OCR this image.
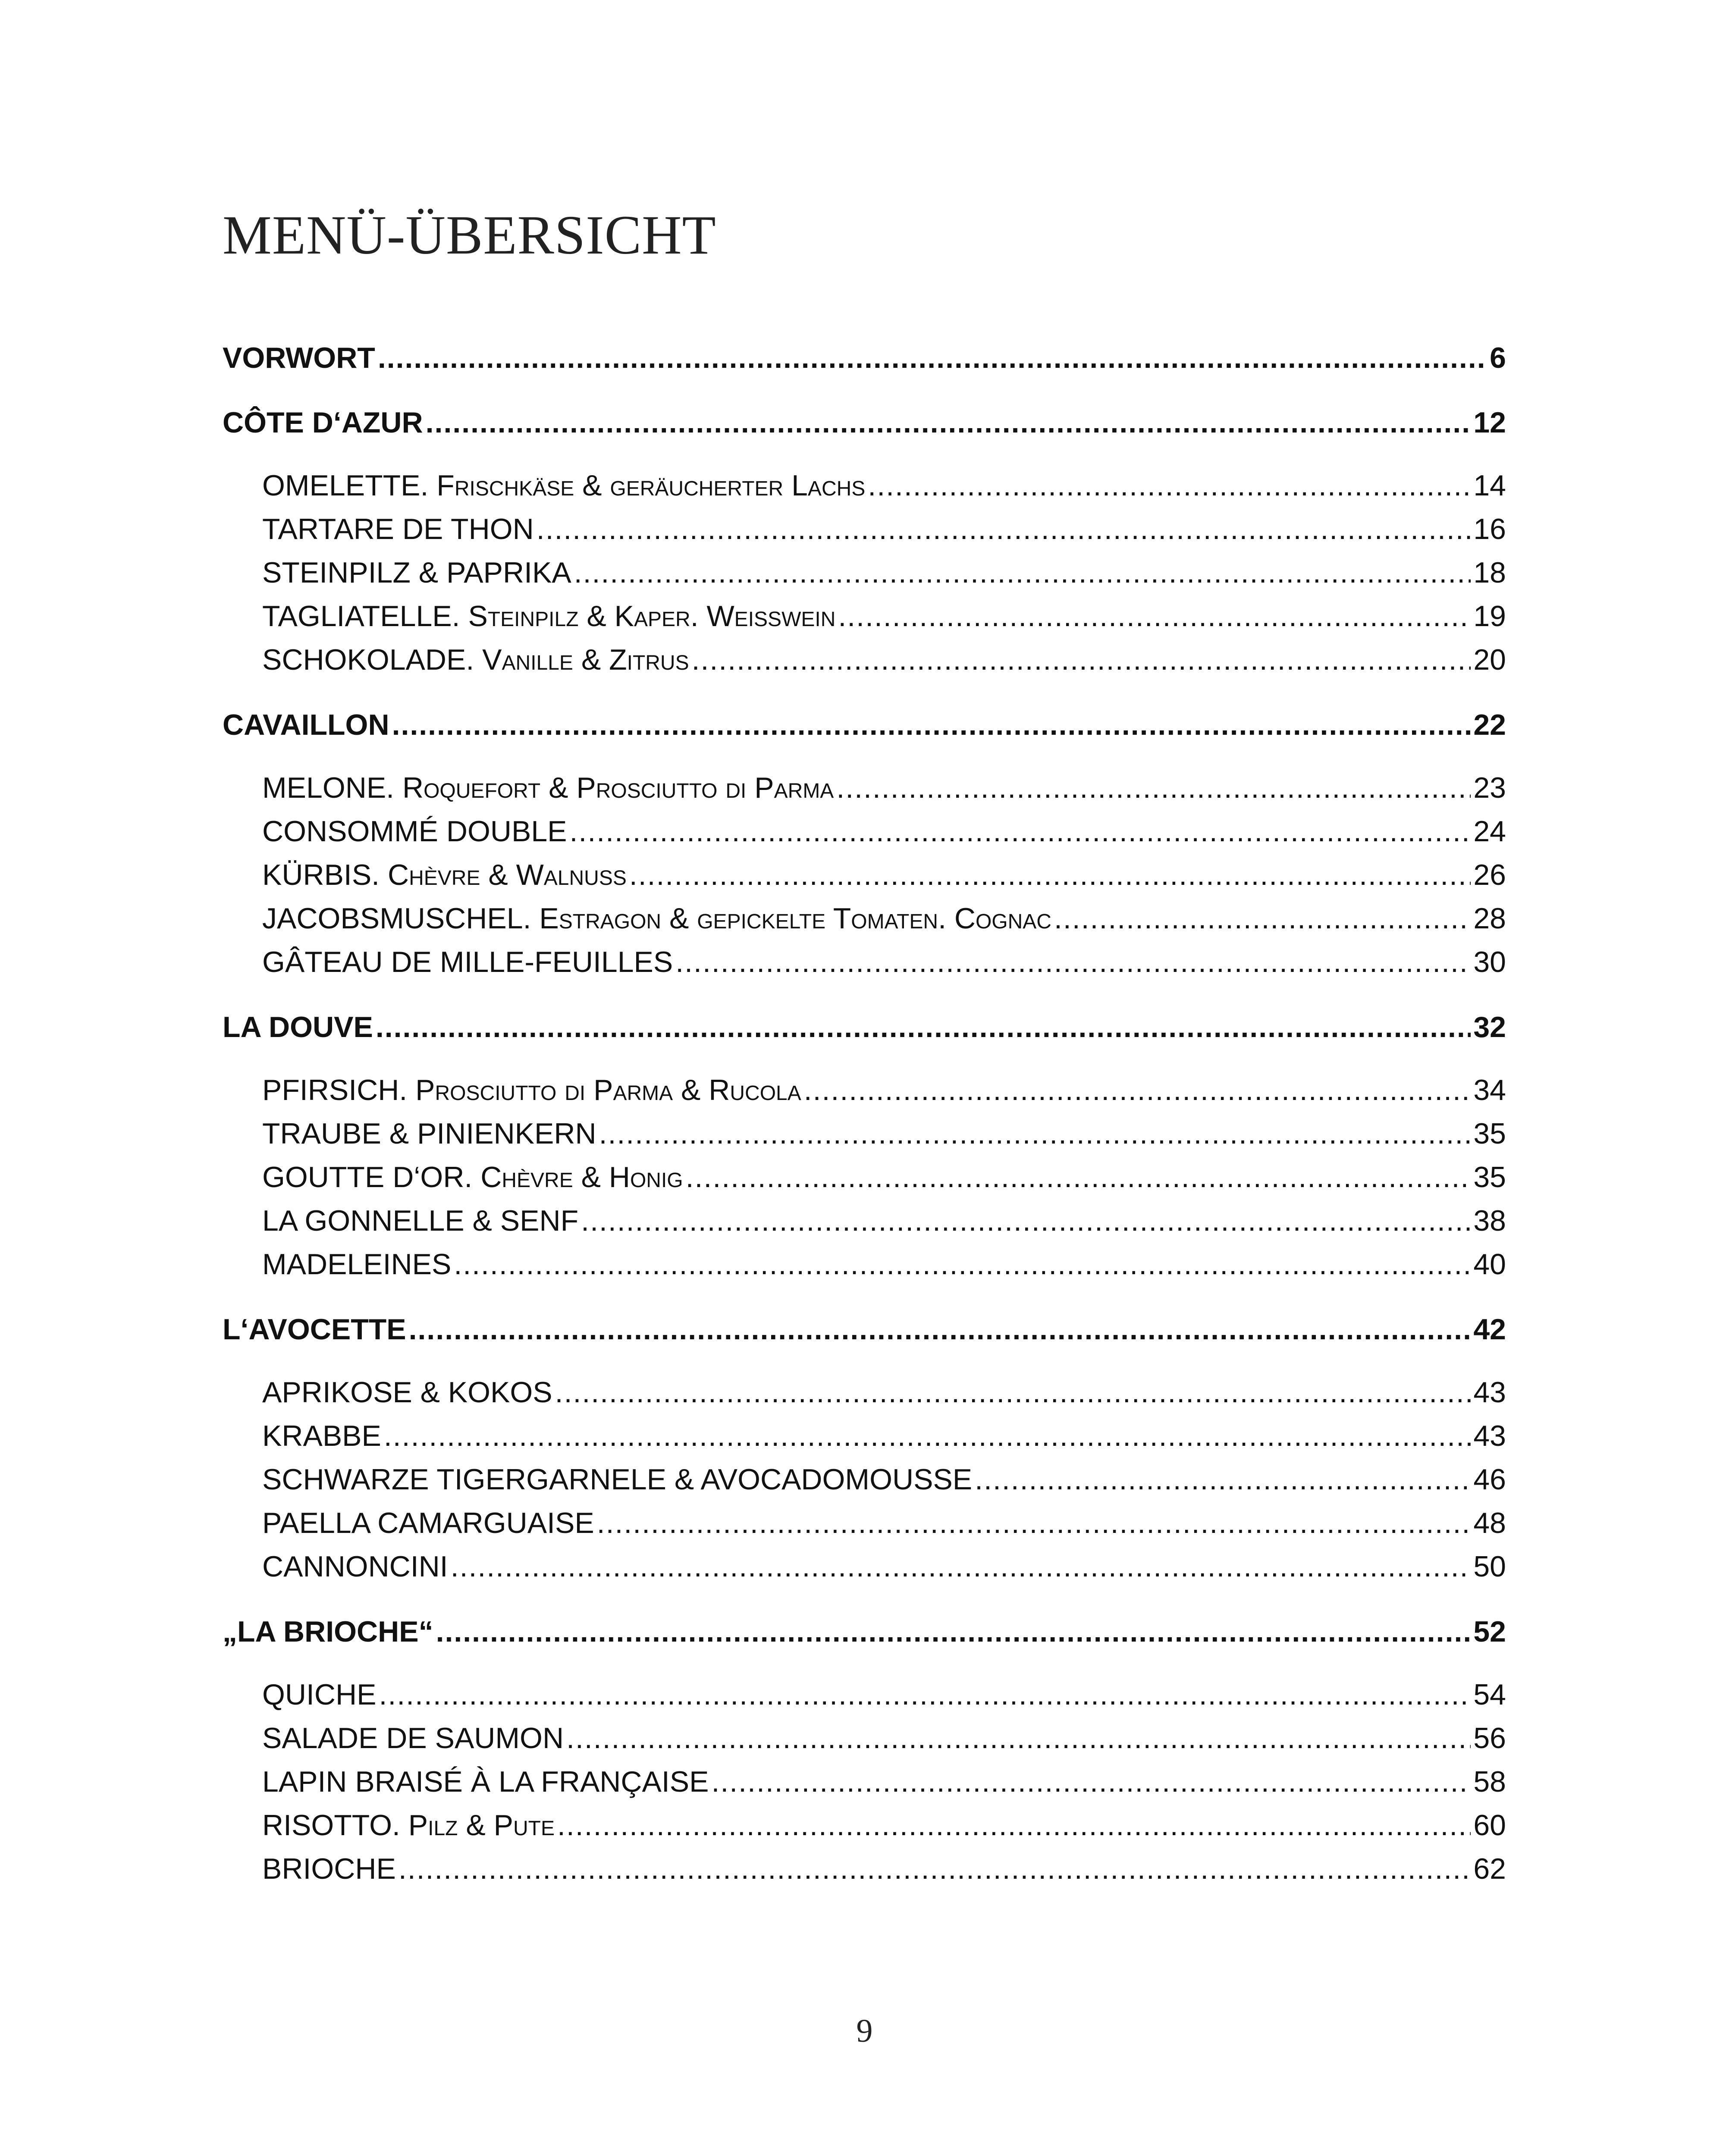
MENÜ-ÜBERSICHT
VORWORT .....	6
CÔTE D‘AZUR .....	12
OMELETTE. Frischkäse & geräucherter Lachs .....	14
TARTARE DE THON .....	16
STEINPILZ & PAPRIKA .....	18
TAGLIATELLE. Steinpilz & Kaper. Weißwein .....	19
SCHOKOLADE. Vanille & Zitrus .....	20
CAVAILLON .....	22
MELONE. Roquefort & Prosciutto di Parma .....	23
CONSOMMÉ DOUBLE .....	24
KÜRBIS. Chèvre & Walnuss .....	26
JACOBSMUSCHEL. Estragon & gepickelte Tomaten. Cognac .....	28
GÂTEAU DE MILLE-FEUILLES .....	30
LA DOUVE .....	32
PFIRSICH. Prosciutto di Parma & Rucola .....	34
TRAUBE & PINIENKERN .....	35
GOUTTE D‘OR. Chèvre & Honig .....	35
LA GONNELLE & SENF .....	38
MADELEINES .....	40
L‘AVOCETTE .....	42
APRIKOSE & KOKOS .....	43
KRABBE .....	43
SCHWARZE TIGERGARNELE & AVOCADOMOUSSE .....	46
PAELLA CAMARGUAISE .....	48
CANNONCINI .....	50
„LA BRIOCHE“ .....	52
QUICHE .....	54
SALADE DE SAUMON .....	56
LAPIN BRAISÉ À LA FRANÇAISE .....	58
RISOTTO. Pilz & Pute .....	60
BRIOCHE .....	62
9
